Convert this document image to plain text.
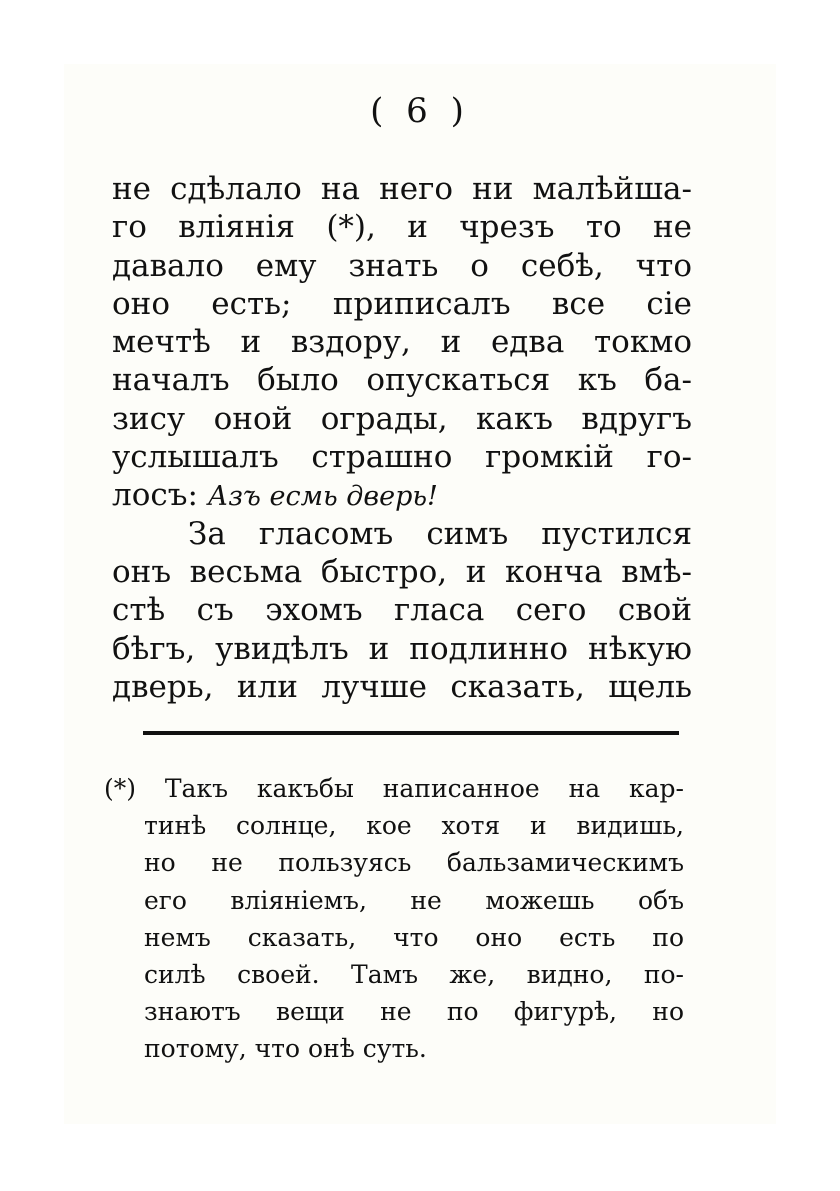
( 6 )
не сдѣлало на него ни малѣйша-
го влiянiя (*), и чрезъ то не
давало ему знать о себѣ, что
оно есть; приписалъ все сiе
мечтѣ и вздору, и едва токмо
началъ было опускаться къ ба-
зису оной ограды, какъ вдругъ
услышалъ страшно громкiй го-
лосъ: Азъ есмь дверь!
За гласомъ симъ пустился
онъ весьма быстро, и конча вмѣ-
стѣ съ эхомъ гласа сего свой
бѣгъ, увидѣлъ и подлинно нѣкую
дверь, или лучше сказать, щель
(*) Такъ какъбы написанное на кар-
тинѣ солнце, кое хотя и видишь,
но не пользуясь бальзамическимъ
его влiянiемъ, не можешь объ
немъ сказать, что оно есть по
силѣ своей. Тамъ же, видно, по-
знаютъ вещи не по фигурѣ, но
потому, что онѣ суть.
